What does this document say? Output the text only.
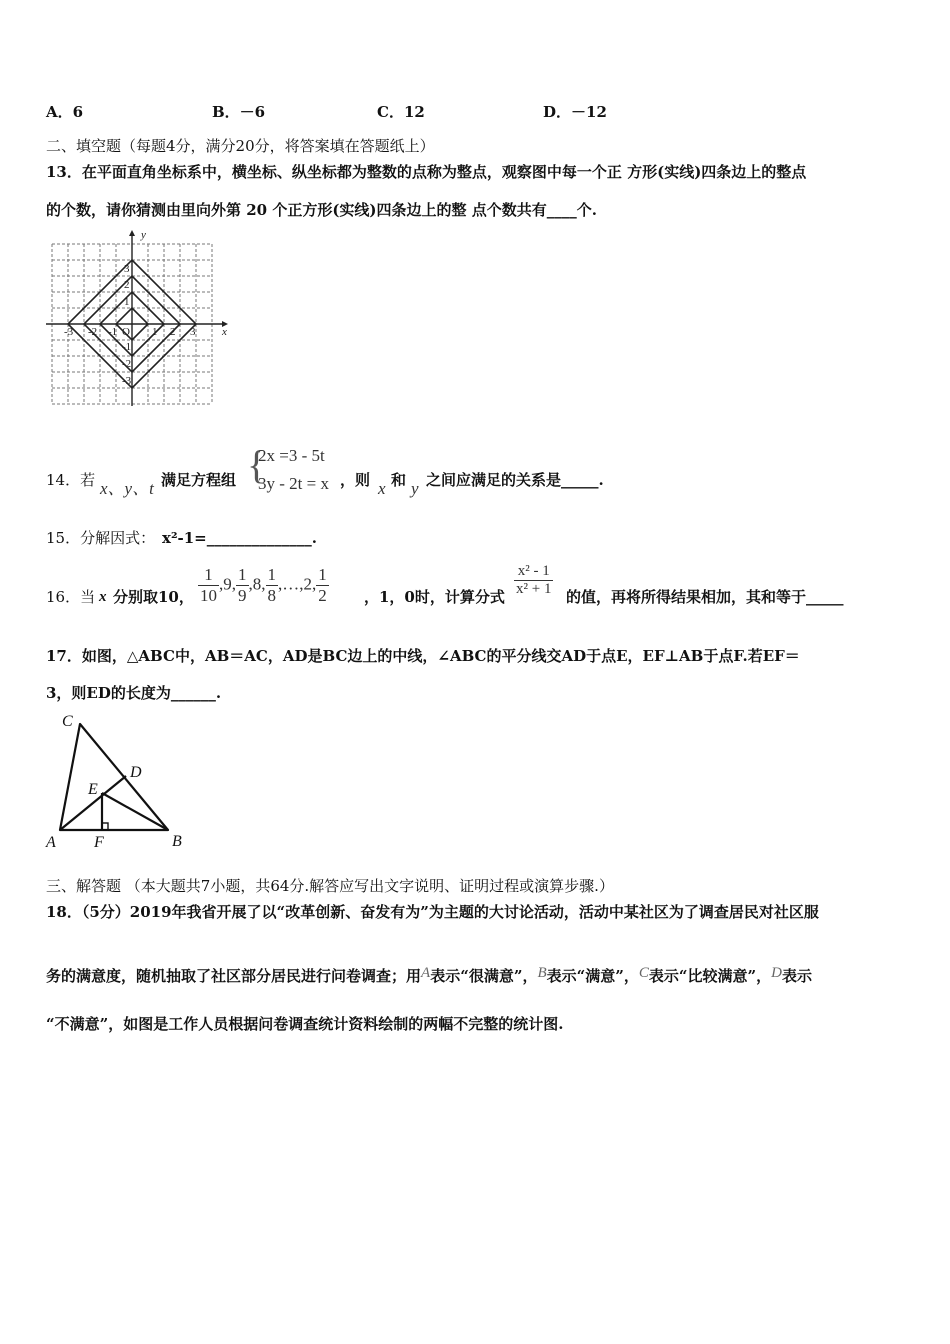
A．6	B．－6	C．12	D．－12
二、填空题（每题4分，满分20分，将答案填在答题纸上）
13．在平面直角坐标系中，横坐标、纵坐标都为整数的点称为整点，观察图中每一个正 方形(实线)四条边上的整点
的个数，请你猜测由里向外第 20 个正方形(实线)四条边上的整 点个数共有____个.
y
x
O
-3 -2 -1	1 2 3
3
2
1
-1
-2
-3
14．若 x、y、t 满足方程组 {
2x =3 - 5t
3y - 2t = x ，则 x 和 y 之间应满足的关系是_____.
15．分解因式： x²-1=______________.
16．当 x 分别取10， $\frac{1}{10} ,9$, $\frac{1}{9} ,8$, $\frac{1}{8}$ ,…,2, $\frac{1}{2}$ ，1，0时，计算分式 $\frac{\text{x² - 1}}{\text{x² + 1}}$ 的值，再将所得结果相加，其和等于_____
17．如图，△ABC中，AB＝AC，AD是BC边上的中线，∠ABC的平分线交AD于点E，EF⊥AB于点F.若EF＝
3，则ED的长度为______.
C
D
E
A F	B
三、解答题 （本大题共7小题，共64分.解答应写出文字说明、证明过程或演算步骤.）
18．（5分）2019年我省开展了以“改革创新、奋发有为”为主题的大讨论活动，活动中某社区为了调查居民对社区服
务的满意度，随机抽取了社区部分居民进行问卷调查；用A表示“很满意”，B表示“满意”，C表示“比较满意”，D表示
“不满意”，如图是工作人员根据问卷调查统计资料绘制的两幅不完整的统计图.
